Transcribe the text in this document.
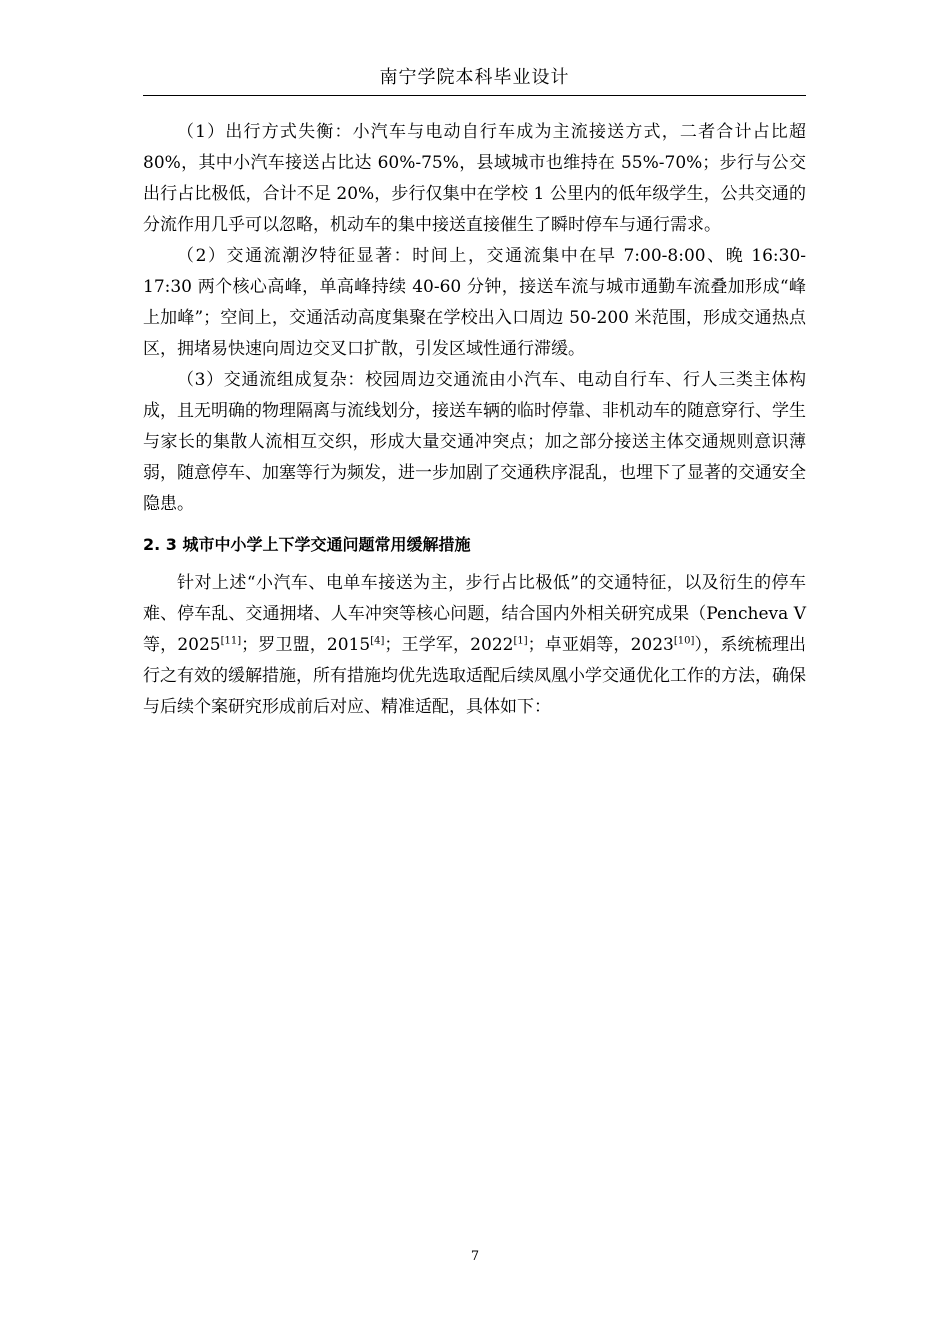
南宁学院本科毕业设计

（1）出行方式失衡：小汽车与电动自行车成为主流接送方式，二者合计占比超 80%，其中小汽车接送占比达 60%-75%，县域城市也维持在 55%-70%；步行与公交出行占比极低，合计不足 20%，步行仅集中在学校 1 公里内的低年级学生，公共交通的分流作用几乎可以忽略，机动车的集中接送直接催生了瞬时停车与通行需求。

（2）交通流潮汐特征显著：时间上，交通流集中在早 7:00-8:00、晚 16:30-17:30 两个核心高峰，单高峰持续 40-60 分钟，接送车流与城市通勤车流叠加形成“峰上加峰”；空间上，交通活动高度集聚在学校出入口周边 50-200 米范围，形成交通热点区，拥堵易快速向周边交叉口扩散，引发区域性通行滞缓。

（3）交通流组成复杂：校园周边交通流由小汽车、电动自行车、行人三类主体构成，且无明确的物理隔离与流线划分，接送车辆的临时停靠、非机动车的随意穿行、学生与家长的集散人流相互交织，形成大量交通冲突点；加之部分接送主体交通规则意识薄弱，随意停车、加塞等行为频发，进一步加剧了交通秩序混乱，也埋下了显著的交通安全隐患。

2. 3 城市中小学上下学交通问题常用缓解措施

针对上述“小汽车、电单车接送为主，步行占比极低”的交通特征，以及衍生的停车难、停车乱、交通拥堵、人车冲突等核心问题，结合国内外相关研究成果（Pencheva V 等，2025[11]；罗卫盟，2015[4]；王学军，2022[1]；卓亚娟等，2023[10]），系统梳理出行之有效的缓解措施，所有措施均优先选取适配后续凤凰小学交通优化工作的方法，确保与后续个案研究形成前后对应、精准适配，具体如下：

7
